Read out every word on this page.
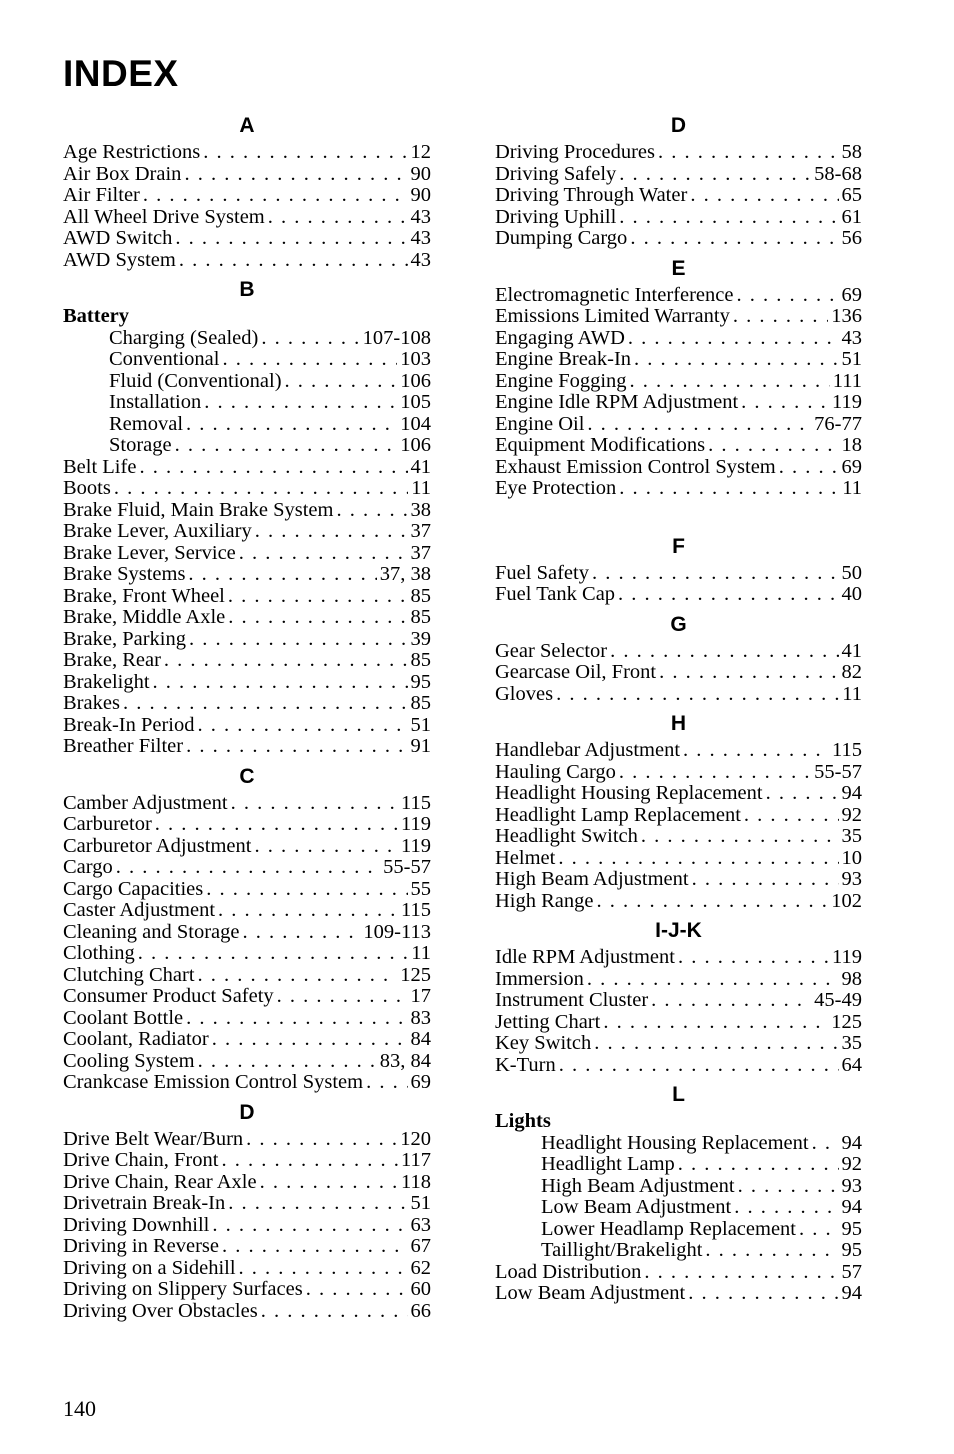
INDEX
A
Age Restrictions . . .	12
Air Box Drain . . .	90
Air Filter . . .	90
All Wheel Drive System . . .	43
AWD Switch . . .	43
AWD System . . .	43
B
Battery
Charging (Sealed) . . .	107-108
Conventional . . .	103
Fluid (Conventional) . . .	106
Installation . . .	105
Removal . . .	104
Storage . . .	106
Belt Life . . .	41
Boots . . .	11
Brake Fluid, Main Brake System . . .	38
Brake Lever, Auxiliary . . .	37
Brake Lever, Service . . .	37
Brake Systems . . .	37, 38
Brake, Front Wheel . . .	85
Brake, Middle Axle . . .	85
Brake, Parking . . .	39
Brake, Rear . . .	85
Brakelight . . .	95
Brakes . . .	85
Break-In Period . . .	51
Breather Filter . . .	91
C
Camber Adjustment . . .	115
Carburetor . . .	119
Carburetor Adjustment . . .	119
Cargo . . .	55-57
Cargo Capacities . . .	55
Caster Adjustment . . .	115
Cleaning and Storage . . .	109-113
Clothing . . .	11
Clutching Chart . . .	125
Consumer Product Safety . . .	17
Coolant Bottle . . .	83
Coolant, Radiator . . .	84
Cooling System . . .	83, 84
Crankcase Emission Control System . . . 69
D
Drive Belt Wear/Burn . . .	120
Drive Chain, Front . . .	117
Drive Chain, Rear Axle . . .	118
Drivetrain Break-In . . .	51
Driving Downhill . . .	63
Driving in Reverse . . .	67
Driving on a Sidehill . . .	62
Driving on Slippery Surfaces . . .	60
Driving Over Obstacles . . .	66
D
Driving Procedures . . .	58
Driving Safely . . .	58-68
Driving Through Water . . .	65
Driving Uphill . . .	61
Dumping Cargo . . .	56
E
Electromagnetic Interference . . .	69
Emissions Limited Warranty . . .	136
Engaging AWD . . .	43
Engine Break-In . . .	51
Engine Fogging . . .	111
Engine Idle RPM Adjustment . . .	119
Engine Oil . . .	76-77
Equipment Modifications . . .	18
Exhaust Emission Control System . . .	69
Eye Protection . . .	11
F
Fuel Safety . . .	50
Fuel Tank Cap . . .	40
G
Gear Selector . . .	41
Gearcase Oil, Front . . .	82
Gloves . . .	11
H
Handlebar Adjustment . . .	115
Hauling Cargo . . .	55-57
Headlight Housing Replacement . . .	94
Headlight Lamp Replacement . . .	92
Headlight Switch . . .	35
Helmet . . .	10
High Beam Adjustment . . .	93
High Range . . .	102
I-J-K
Idle RPM Adjustment . . .	119
Immersion . . .	98
Instrument Cluster . . .	45-49
Jetting Chart . . .	125
Key Switch . . .	35
K-Turn . . .	64
L
Lights
Headlight Housing Replacement . . . 94
Headlight Lamp . . .	92
High Beam Adjustment . . .	93
Low Beam Adjustment . . .	94
Lower Headlamp Replacement . . . 95
Taillight/Brakelight . . .	95
Load Distribution . . .	57
Low Beam Adjustment . . .	94
140
